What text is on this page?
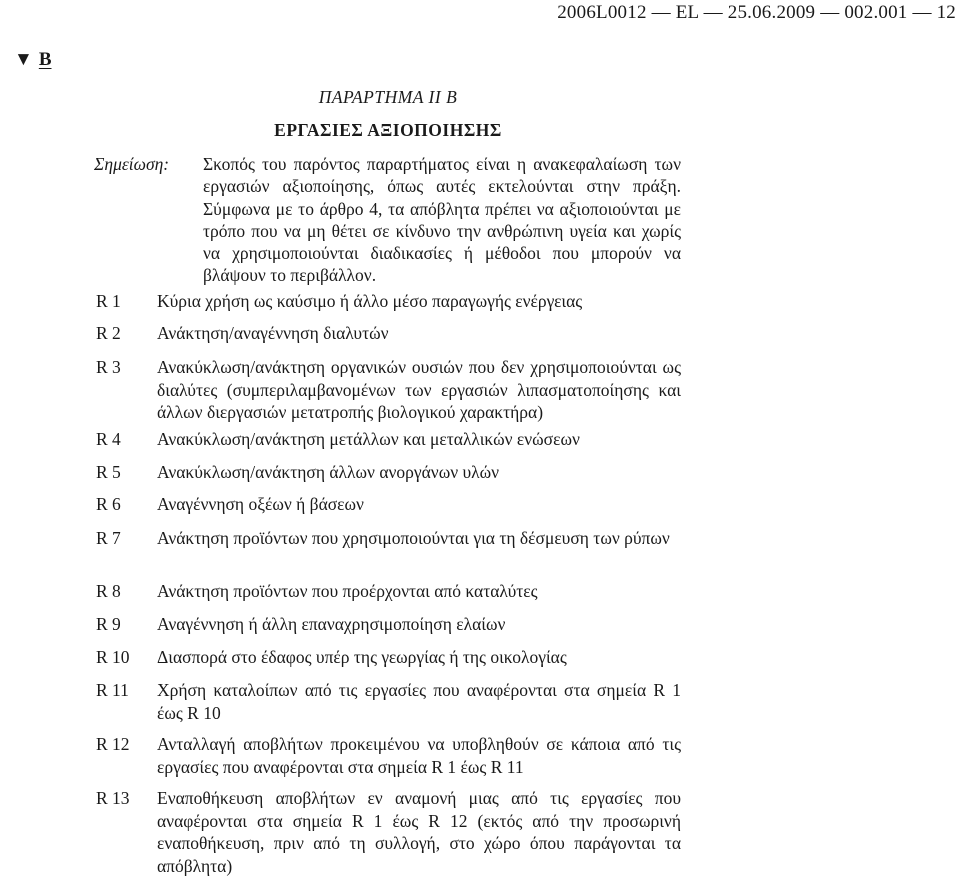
2006L0012 — EL — 25.06.2009 — 002.001 — 12
▼ B
ΠΑΡΑΡΤΗΜΑ ΙΙ Β
ΕΡΓΑΣΙΕΣ ΑΞΙΟΠΟΙΗΣΗΣ
Σημείωση: Σκοπός του παρόντος παραρτήματος είναι η ανακεφαλαίωση των εργασιών αξιοποίησης, όπως αυτές εκτελούνται στην πράξη. Σύμφωνα με το άρθρο 4, τα απόβλητα πρέπει να αξιοποιούνται με τρόπο που να μη θέτει σε κίνδυνο την ανθρώπινη υγεία και χωρίς να χρησιμοποιούνται διαδικασίες ή μέθοδοι που μπορούν να βλάψουν το περιβάλλον.
R 1	Κύρια χρήση ως καύσιμο ή άλλο μέσο παραγωγής ενέργειας
R 2	Ανάκτηση/αναγέννηση διαλυτών
R 3	Ανακύκλωση/ανάκτηση οργανικών ουσιών που δεν χρησιμοποιούνται ως διαλύτες (συμπεριλαμβανομένων των εργασιών λιπασματοποίησης και άλλων διεργασιών μετατροπής βιολογικού χαρακτήρα)
R 4	Ανακύκλωση/ανάκτηση μετάλλων και μεταλλικών ενώσεων
R 5	Ανακύκλωση/ανάκτηση άλλων ανοργάνων υλών
R 6	Αναγέννηση οξέων ή βάσεων
R 7	Ανάκτηση προϊόντων που χρησιμοποιούνται για τη δέσμευση των ρύπων
R 8	Ανάκτηση προϊόντων που προέρχονται από καταλύτες
R 9	Αναγέννηση ή άλλη επαναχρησιμοποίηση ελαίων
R 10	Διασπορά στο έδαφος υπέρ της γεωργίας ή της οικολογίας
R 11	Χρήση καταλοίπων από τις εργασίες που αναφέρονται στα σημεία R 1 έως R 10
R 12	Ανταλλαγή αποβλήτων προκειμένου να υποβληθούν σε κάποια από τις εργασίες που αναφέρονται στα σημεία R 1 έως R 11
R 13	Εναποθήκευση αποβλήτων εν αναμονή μιας από τις εργασίες που αναφέρονται στα σημεία R 1 έως R 12 (εκτός από την προσωρινή εναποθήκευση, πριν από τη συλλογή, στο χώρο όπου παράγονται τα απόβλητα)
